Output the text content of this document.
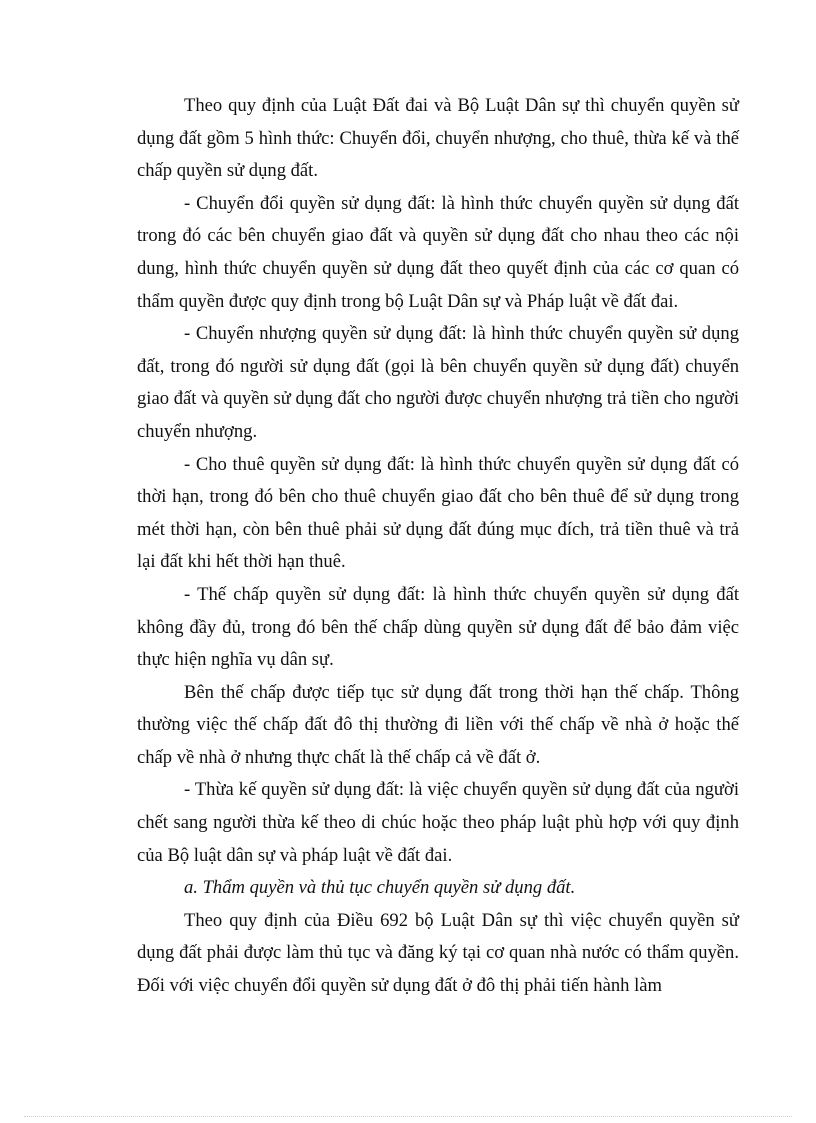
Theo quy định của Luật Đất đai và Bộ Luật Dân sự thì chuyển quyền sử dụng đất gồm 5 hình thức: Chuyển đổi, chuyển nhượng, cho thuê, thừa kế và thế chấp quyền sử dụng đất.

- Chuyển đổi quyền sử dụng đất: là hình thức chuyển quyền sử dụng đất trong đó các bên chuyển giao đất và quyền sử dụng đất cho nhau theo các nội dung, hình thức chuyển quyền sử dụng đất theo quyết định của các cơ quan có thẩm quyền được quy định trong bộ Luật Dân sự và Pháp luật về đất đai.

- Chuyển nhượng quyền sử dụng đất: là hình thức chuyển quyền sử dụng đất, trong đó người sử dụng đất (gọi là bên chuyển quyền sử dụng đất) chuyển giao đất và quyền sử dụng đất cho người được chuyển nhượng trả tiền cho người chuyển nhượng.

- Cho thuê quyền sử dụng đất: là hình thức chuyển quyền sử dụng đất có thời hạn, trong đó bên cho thuê chuyển giao đất cho bên thuê để sử dụng trong mét thời hạn, còn bên thuê phải sử dụng đất đúng mục đích, trả tiền thuê và trả lại đất khi hết thời hạn thuê.

- Thế chấp quyền sử dụng đất: là hình thức chuyển quyền sử dụng đất không đầy đủ, trong đó bên thế chấp dùng quyền sử dụng đất để bảo đảm việc thực hiện nghĩa vụ dân sự.

Bên thế chấp được tiếp tục sử dụng đất trong thời hạn thế chấp. Thông thường việc thế chấp đất đô thị thường đi liền với thế chấp về nhà ở hoặc thế chấp về nhà ở nhưng thực chất là thế chấp cả về đất ở.

- Thừa kế quyền sử dụng đất: là việc chuyển quyền sử dụng đất của người chết sang người thừa kế theo di chúc hoặc theo pháp luật phù hợp với quy định của Bộ luật dân sự và pháp luật về đất đai.

a. Thẩm quyền và thủ tục chuyển quyền sử dụng đất.

Theo quy định của Điều 692 bộ Luật Dân sự thì việc chuyển quyền sử dụng đất phải được làm thủ tục và đăng ký tại cơ quan nhà nước có thẩm quyền. Đối với việc chuyển đổi quyền sử dụng đất ở đô thị phải tiến hành làm
